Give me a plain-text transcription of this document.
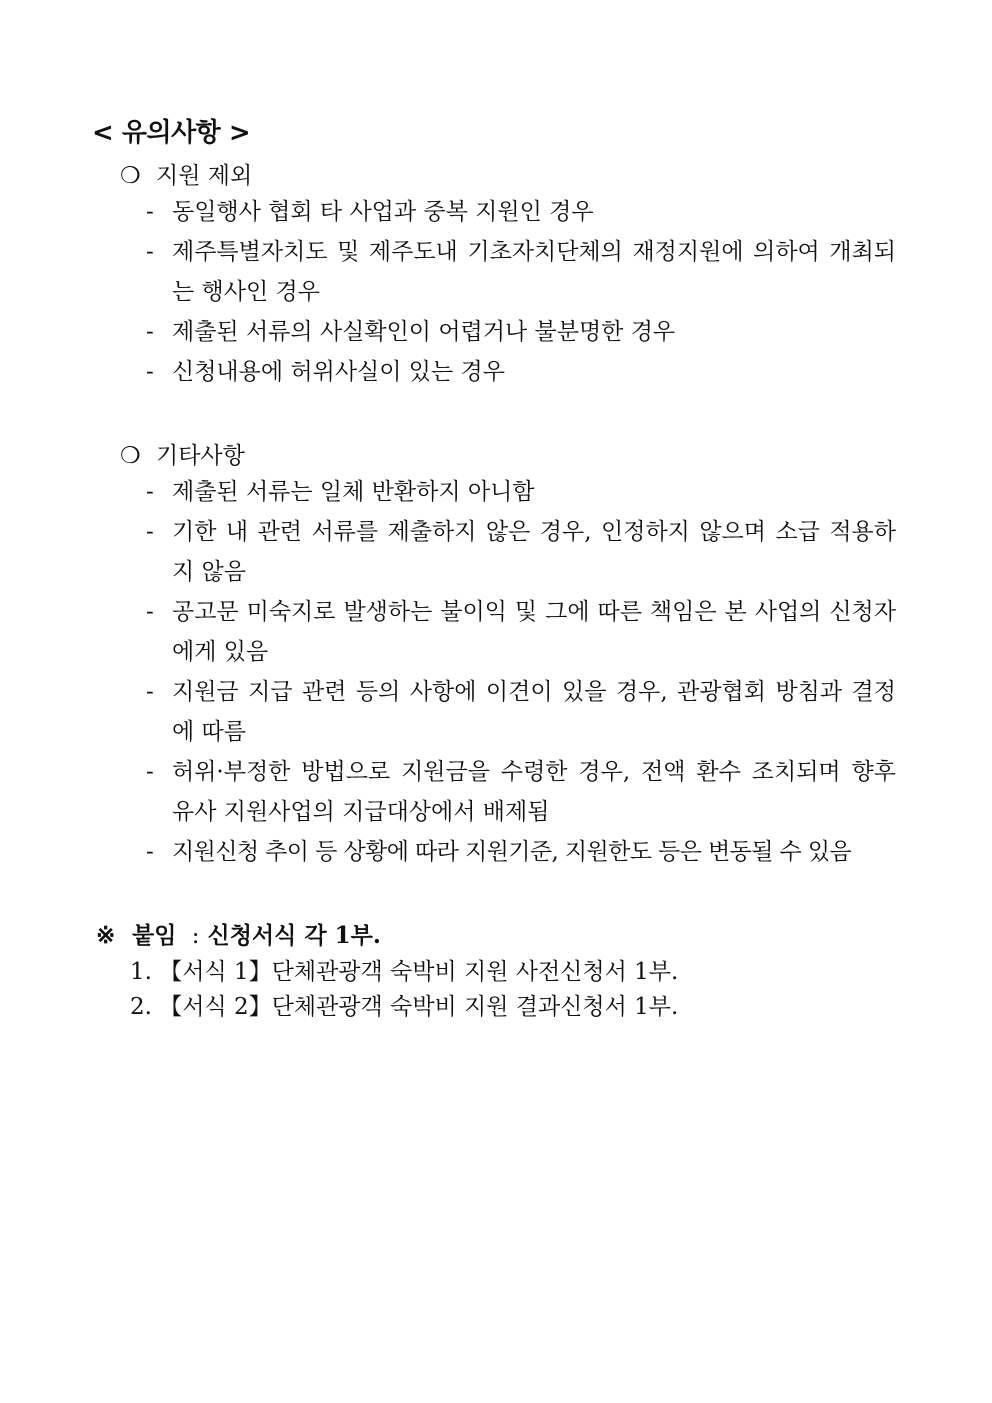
< 유의사항 >
❍ 지원 제외
- 동일행사 협회 타 사업과 중복 지원인 경우
- 제주특별자치도 및 제주도내 기초자치단체의 재정지원에 의하여 개최되는 행사인 경우
- 제출된 서류의 사실확인이 어렵거나 불분명한 경우
- 신청내용에 허위사실이 있는 경우
❍ 기타사항
- 제출된 서류는 일체 반환하지 아니함
- 기한 내 관련 서류를 제출하지 않은 경우, 인정하지 않으며 소급 적용하지 않음
- 공고문 미숙지로 발생하는 불이익 및 그에 따른 책임은 본 사업의 신청자에게 있음
- 지원금 지급 관련 등의 사항에 이견이 있을 경우, 관광협회 방침과 결정에 따름
- 허위·부정한 방법으로 지원금을 수령한 경우, 전액 환수 조치되며 향후 유사 지원사업의 지급대상에서 배제됨
- 지원신청 추이 등 상황에 따라 지원기준, 지원한도 등은 변동될 수 있음
※ 붙임 : 신청서식 각 1부.
1. 【서식 1】단체관광객 숙박비 지원 사전신청서 1부.
2. 【서식 2】단체관광객 숙박비 지원 결과신청서 1부.
